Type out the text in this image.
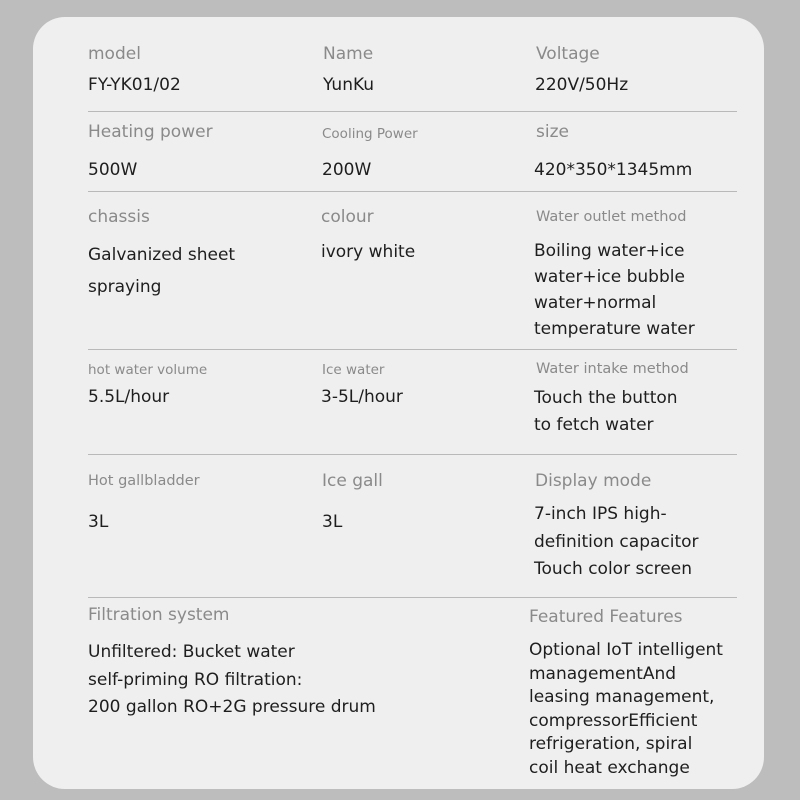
model
FY-YK01/02
Name
YunKu
Voltage
220V/50Hz
Heating power
500W
Cooling Power
200W
size
420*350*1345mm
chassis
Galvanized sheet
spraying
colour
ivory white
Water outlet method
Boiling water+ice
water+ice bubble
water+normal
temperature water
hot water volume
5.5L/hour
Ice water
3-5L/hour
Water intake method
Touch the button
to fetch water
Hot gallbladder
3L
Ice gall
3L
Display mode
7-inch IPS high-
definition capacitor
Touch color screen
Filtration system
Unfiltered: Bucket water
self-priming RO filtration:
200 gallon RO+2G pressure drum
Featured Features
Optional IoT intelligent
managementAnd
leasing management,
compressorEfficient
refrigeration, spiral
coil heat exchange
